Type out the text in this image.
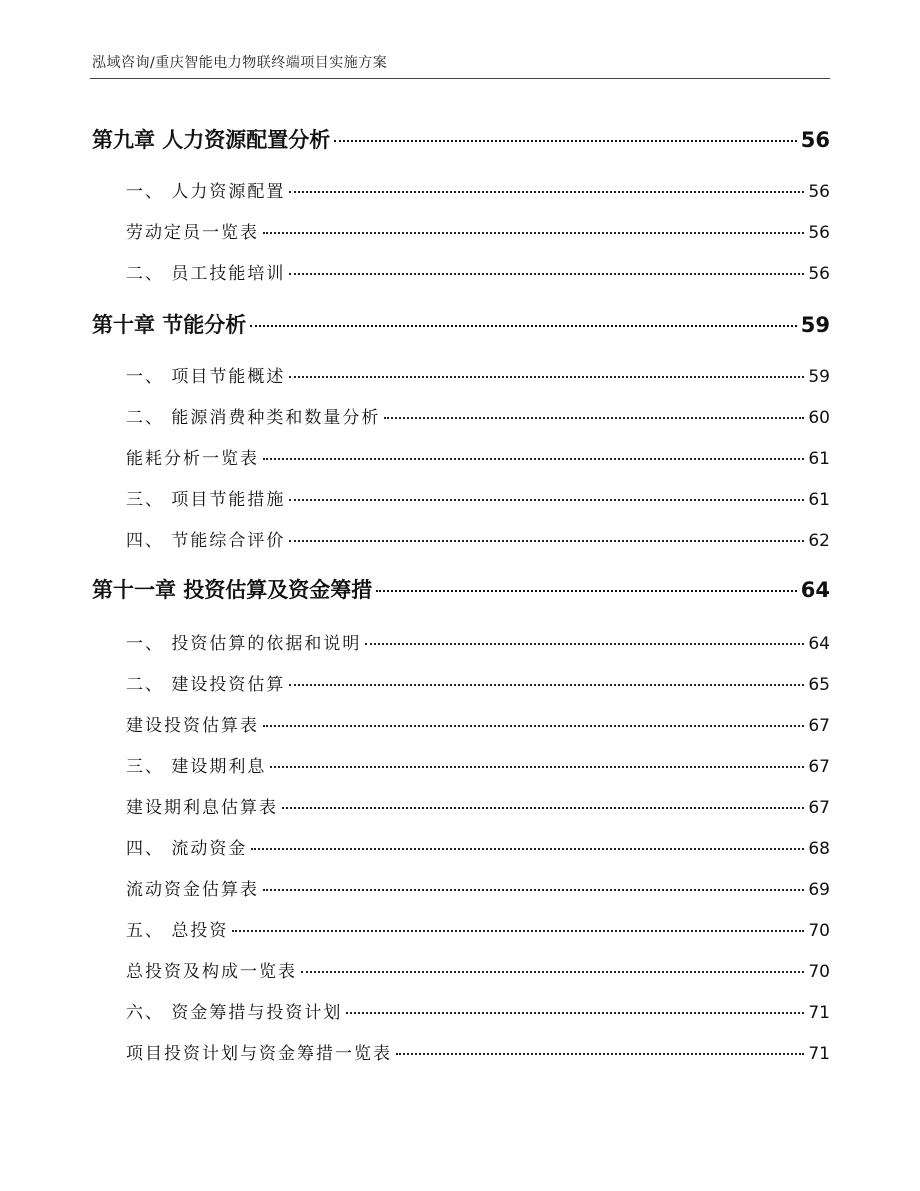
泓域咨询/重庆智能电力物联终端项目实施方案
第九章 人力资源配置分析	56
一、 人力资源配置	56
劳动定员一览表	56
二、 员工技能培训	56
第十章 节能分析	59
一、 项目节能概述	59
二、 能源消费种类和数量分析	60
能耗分析一览表	61
三、 项目节能措施	61
四、 节能综合评价	62
第十一章 投资估算及资金筹措	64
一、 投资估算的依据和说明	64
二、 建设投资估算	65
建设投资估算表	67
三、 建设期利息	67
建设期利息估算表	67
四、 流动资金	68
流动资金估算表	69
五、 总投资	70
总投资及构成一览表	70
六、 资金筹措与投资计划	71
项目投资计划与资金筹措一览表	71
